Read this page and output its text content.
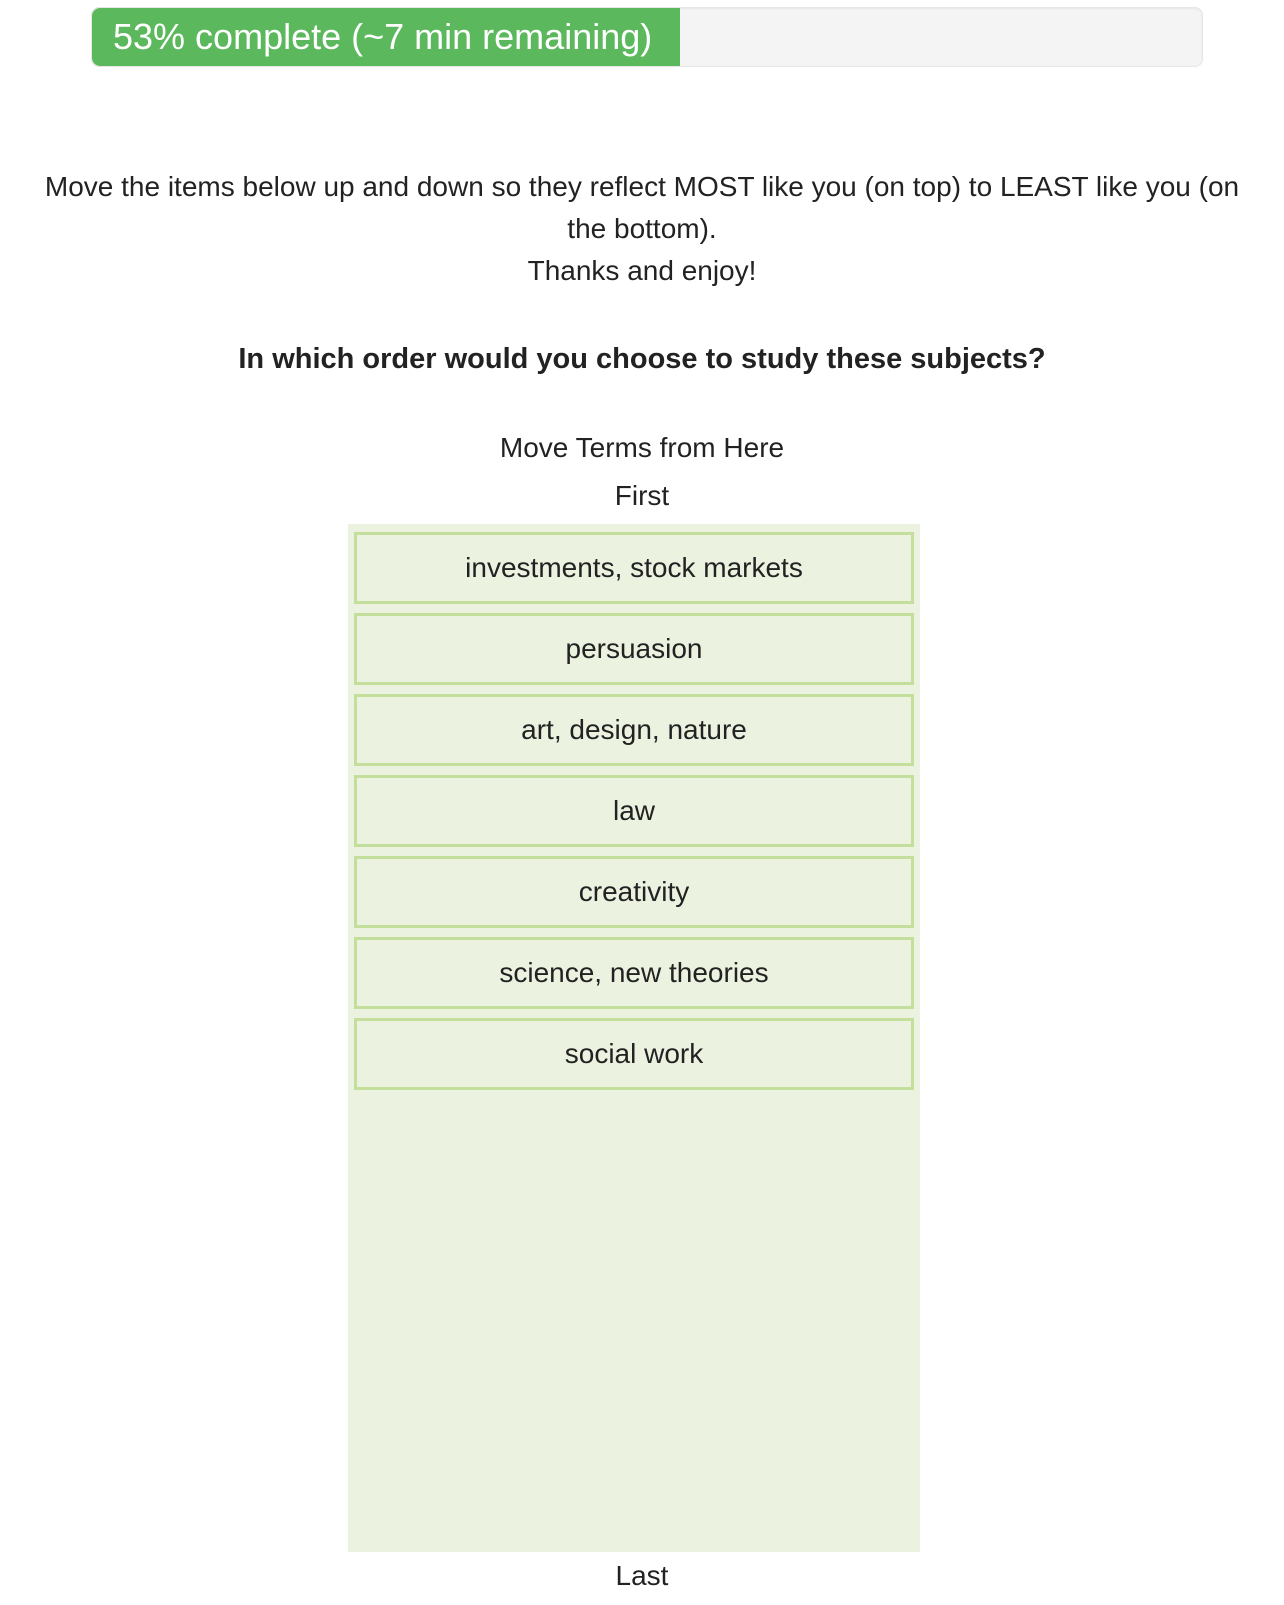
53% complete (~7 min remaining)

Move the items below up and down so they reflect MOST like you (on top) to LEAST like you (on the bottom).

Thanks and enjoy!

In which order would you choose to study these subjects?
Move Terms from Here
First
investments, stock markets
persuasion
art, design, nature
law
creativity
science, new theories
social work
Last
